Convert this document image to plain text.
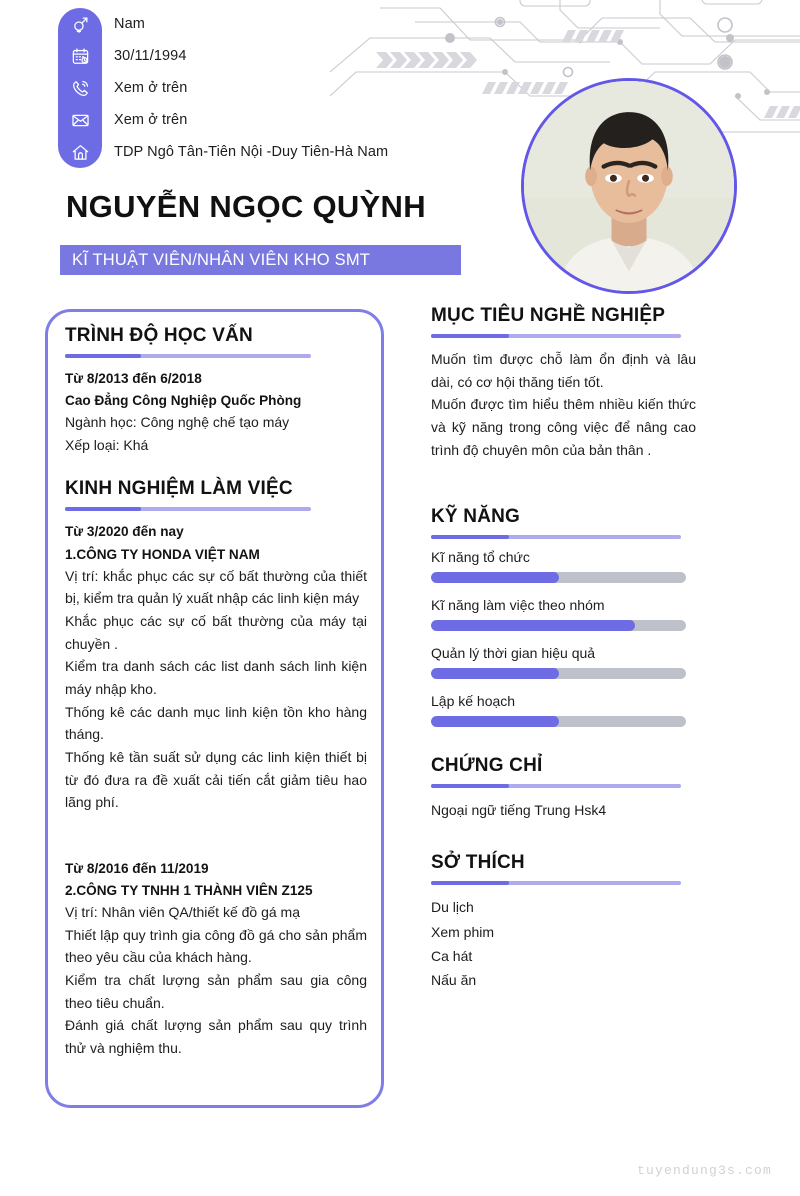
Nam
30/11/1994
Xem ở trên
Xem ở trên
TDP Ngô Tân-Tiên Nội -Duy Tiên-Hà Nam
NGUYỄN NGỌC QUỲNH
KĨ THUẬT VIÊN/NHÂN VIÊN KHO SMT
TRÌNH ĐỘ HỌC VẤN
Từ 8/2013 đến 6/2018
Cao Đẳng Công Nghiệp Quốc Phòng
Ngành học: Công nghệ chế tạo máy
Xếp loại: Khá
KINH NGHIỆM LÀM VIỆC
Từ 3/2020 đến nay
1.CÔNG TY HONDA VIỆT NAM
Vị trí: khắc phục các sự cố bất thường của thiết bị, kiểm tra quản lý xuất nhập các linh kiện máy
Khắc phục các sự cố bất thường của máy tại chuyền .
Kiểm tra danh sách các list danh sách linh kiện máy nhập kho.
Thống kê các danh mục linh kiện tồn kho hàng tháng.
Thống kê tần suất sử dụng các linh kiện thiết bị từ đó đưa ra đề xuất cải tiến cắt giảm tiêu hao lãng phí.
Từ 8/2016 đến 11/2019
2.CÔNG TY TNHH 1 THÀNH VIÊN Z125
Vị trí: Nhân viên QA/thiết kế đồ gá mạ
Thiết lập quy trình gia công đồ gá cho sản phẩm theo yêu cầu của khách hàng.
Kiểm tra chất lượng sản phẩm sau gia công theo tiêu chuẩn.
Đánh giá chất lượng sản phẩm sau quy trình thử và nghiệm thu.
MỤC TIÊU NGHỀ NGHIỆP
Muốn tìm được chỗ làm ổn định và lâu dài, có cơ hội thăng tiến tốt.
Muốn được tìm hiểu thêm nhiều kiến thức và kỹ năng trong công việc để nâng cao trình độ chuyên môn của bản thân .
KỸ NĂNG
Kĩ năng tổ chức
Kĩ năng làm việc theo nhóm
Quản lý thời gian hiệu quả
Lập kế hoạch
CHỨNG CHỈ
Ngoại ngữ tiếng Trung Hsk4
SỞ THÍCH
Du lịch
Xem phim
Ca hát
Nấu ăn
tuyendung3s.com
